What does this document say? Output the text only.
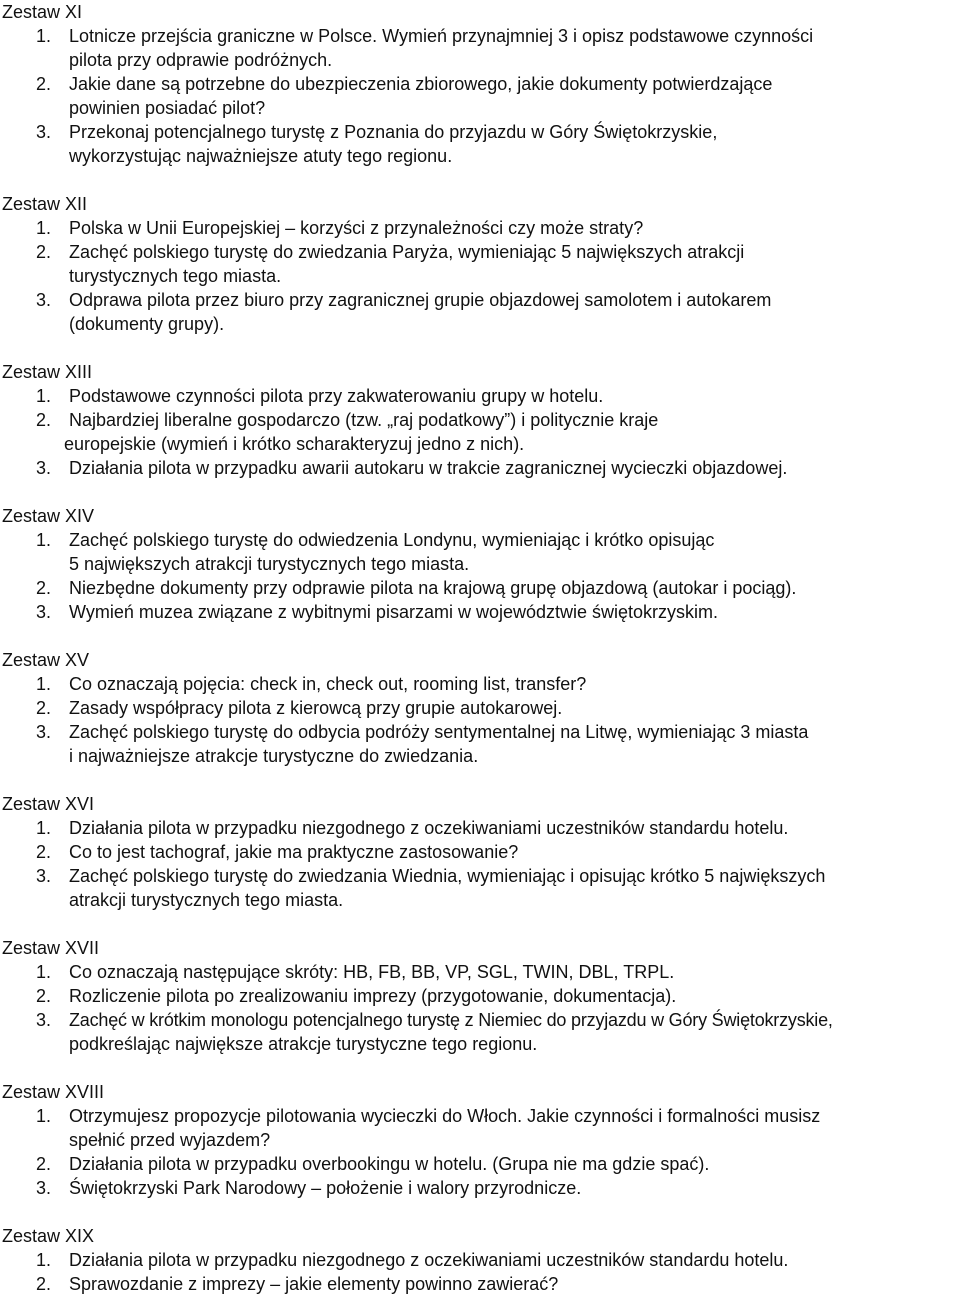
Zestaw XI
1. Lotnicze przejścia graniczne w Polsce. Wymień przynajmniej 3 i opisz podstawowe czynności
pilota przy odprawie podróżnych.
2. Jakie dane są potrzebne do ubezpieczenia zbiorowego, jakie dokumenty potwierdzające
powinien posiadać pilot?
3. Przekonaj potencjalnego turystę z Poznania do przyjazdu w Góry Świętokrzyskie,
wykorzystując najważniejsze atuty tego regionu.
Zestaw XII
1. Polska w Unii Europejskiej – korzyści z przynależności czy może straty?
2. Zachęć polskiego turystę do zwiedzania Paryża, wymieniając 5 największych atrakcji
turystycznych tego miasta.
3. Odprawa pilota przez biuro przy zagranicznej grupie objazdowej samolotem i autokarem
(dokumenty grupy).
Zestaw XIII
1. Podstawowe czynności pilota przy zakwaterowaniu grupy w hotelu.
2. Najbardziej liberalne gospodarczo (tzw. „raj podatkowy”) i politycznie kraje
europejskie (wymień i krótko scharakteryzuj jedno z nich).
3. Działania pilota w przypadku awarii autokaru w trakcie zagranicznej wycieczki objazdowej.
Zestaw XIV
1. Zachęć polskiego turystę do odwiedzenia Londynu, wymieniając i krótko opisując
5 największych atrakcji turystycznych tego miasta.
2. Niezbędne dokumenty przy odprawie pilota na krajową grupę objazdową (autokar i pociąg).
3. Wymień muzea związane z wybitnymi pisarzami w województwie świętokrzyskim.
Zestaw XV
1. Co oznaczają pojęcia: check in, check out, rooming list, transfer?
2. Zasady współpracy pilota z kierowcą przy grupie autokarowej.
3. Zachęć polskiego turystę do odbycia podróży sentymentalnej na Litwę, wymieniając 3 miasta
i najważniejsze atrakcje turystyczne do zwiedzania.
Zestaw XVI
1. Działania pilota w przypadku niezgodnego z oczekiwaniami uczestników standardu hotelu.
2. Co to jest tachograf, jakie ma praktyczne zastosowanie?
3. Zachęć polskiego turystę do zwiedzania Wiednia, wymieniając i opisując krótko 5 największych
atrakcji turystycznych tego miasta.
Zestaw XVII
1. Co oznaczają następujące skróty: HB, FB, BB, VP, SGL, TWIN, DBL, TRPL.
2. Rozliczenie pilota po zrealizowaniu imprezy (przygotowanie, dokumentacja).
3. Zachęć w krótkim monologu potencjalnego turystę z Niemiec do przyjazdu w Góry Świętokrzyskie,
podkreślając największe atrakcje turystyczne tego regionu.
Zestaw XVIII
1. Otrzymujesz propozycje pilotowania wycieczki do Włoch. Jakie czynności i formalności musisz
spełnić przed wyjazdem?
2. Działania pilota w przypadku overbookingu w hotelu. (Grupa nie ma gdzie spać).
3. Świętokrzyski Park Narodowy – położenie i walory przyrodnicze.
Zestaw XIX
1. Działania pilota w przypadku niezgodnego z oczekiwaniami uczestników standardu hotelu.
2. Sprawozdanie z imprezy – jakie elementy powinno zawierać?
